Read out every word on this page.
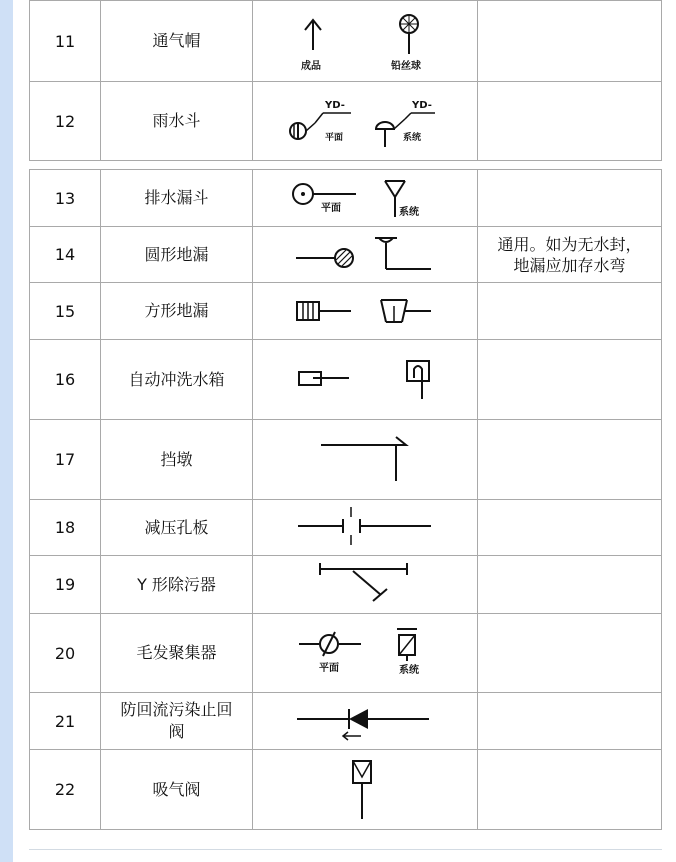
11	通气帽	成品 铅丝球	

12	雨水斗	YD-
平面
YD-
系统	

13	排水漏斗	平面 系统	

14	圆形地漏		通用。如为无水封，
地漏应加存水弯

15	方形地漏	

16	自动冲洗水箱	

17	挡墩	

18	减压孔板	

19	Y 形除污器	

20	毛发聚集器	平面 系统	

21	防回流污染止回
阀

22	吸气阀	
